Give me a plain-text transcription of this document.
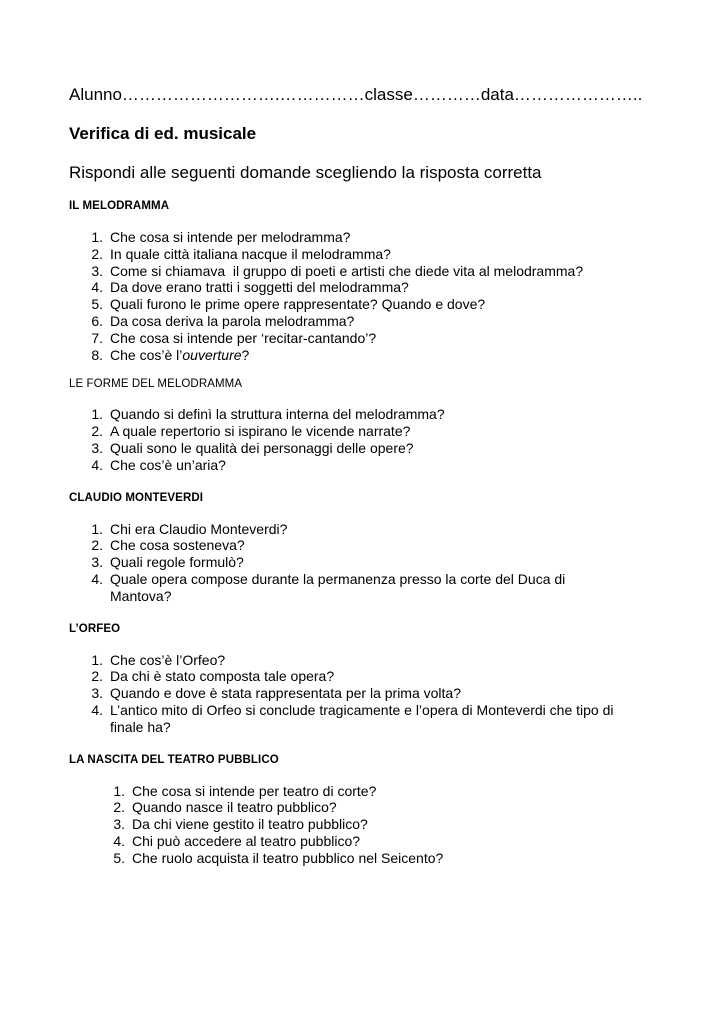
Alunno……………………….……………classe…………data…………………..

Verifica di ed. musicale

Rispondi alle seguenti domande scegliendo la risposta corretta

IL MELODRAMMA

1. Che cosa si intende per melodramma?
2. In quale città italiana nacque il melodramma?
3. Come si chiamava  il gruppo di poeti e artisti che diede vita al melodramma?
4. Da dove erano tratti i soggetti del melodramma?
5. Quali furono le prime opere rappresentate? Quando e dove?
6. Da cosa deriva la parola melodramma?
7. Che cosa si intende per ‘recitar-cantando’?
8. Che cos’è l’ouverture?

LE FORME DEL MELODRAMMA

1. Quando si definì la struttura interna del melodramma?
2. A quale repertorio si ispirano le vicende narrate?
3. Quali sono le qualità dei personaggi delle opere?
4. Che cos’è un’aria?

CLAUDIO MONTEVERDI

1. Chi era Claudio Monteverdi?
2. Che cosa sosteneva?
3. Quali regole formulò?
4. Quale opera compose durante la permanenza presso la corte del Duca di Mantova?

L’ORFEO

1. Che cos’è l’Orfeo?
2. Da chi è stato composta tale opera?
3. Quando e dove è stata rappresentata per la prima volta?
4. L’antico mito di Orfeo si conclude tragicamente e l’opera di Monteverdi che tipo di finale ha?

LA NASCITA DEL TEATRO PUBBLICO

1. Che cosa si intende per teatro di corte?
2. Quando nasce il teatro pubblico?
3. Da chi viene gestito il teatro pubblico?
4. Chi può accedere al teatro pubblico?
5. Che ruolo acquista il teatro pubblico nel Seicento?
